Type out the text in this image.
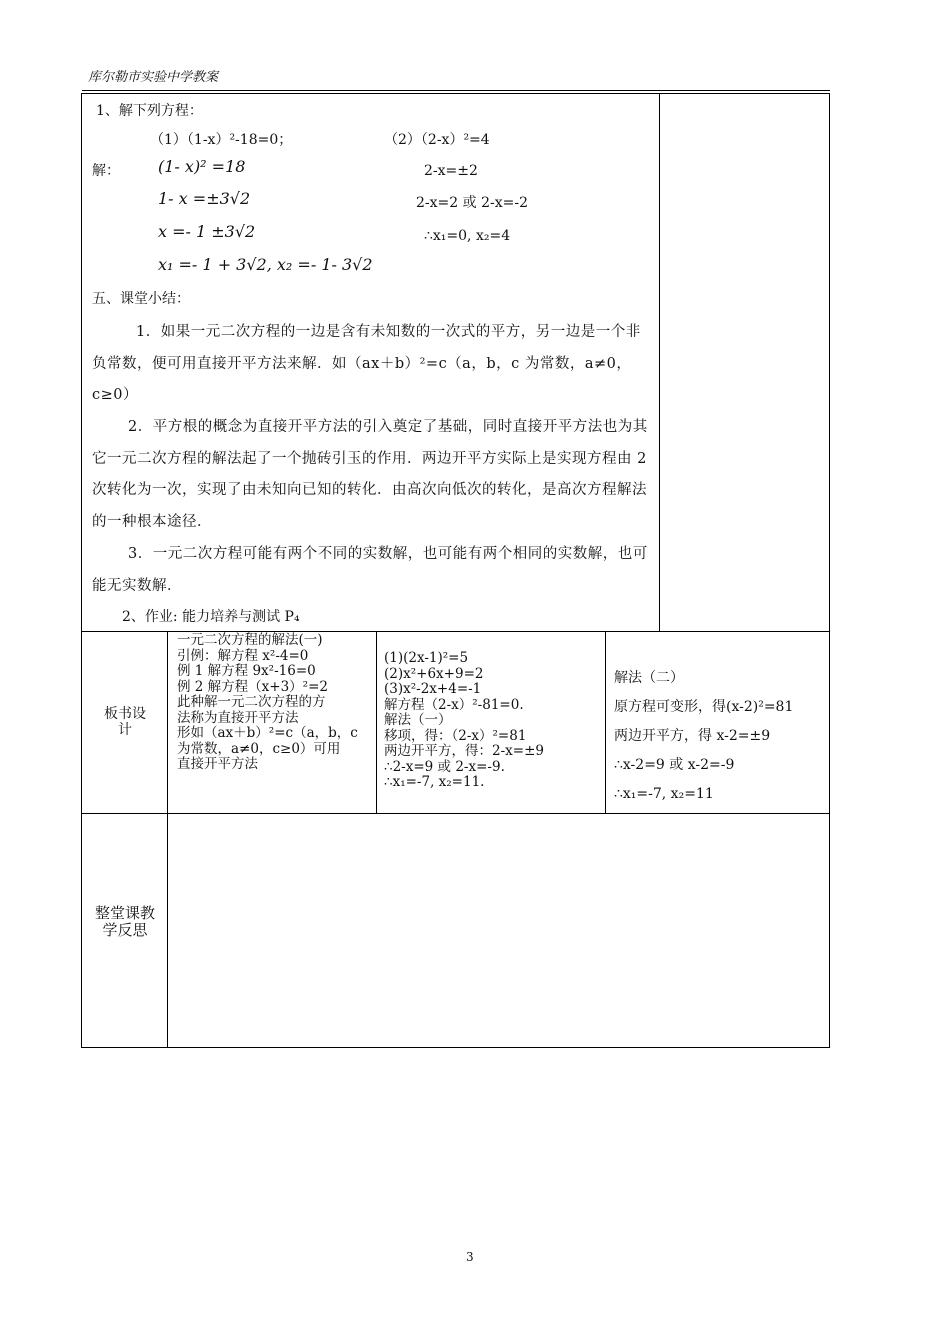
库尔勒市实验中学教案
1、解下列方程：
（1）（1-x）²-18=0；	（2）（2-x）²=4
解： (1- x)² =18
1- x =±3√2
x =- 1 ±3√2
x₁ =- 1 + 3√2, x₂ =- 1- 3√2
2-x=±2
2-x=2 或 2-x=-2
∴x₁=0, x₂=4
五、课堂小结：
1．如果一元二次方程的一边是含有未知数的一次式的平方，另一边是一个非负常数，便可用直接开平方法来解．如（ax＋b）²=c（a，b，c 为常数，a≠0，c≥0）
2．平方根的概念为直接开平方法的引入奠定了基础，同时直接开平方法也为其它一元二次方程的解法起了一个抛砖引玉的作用．两边开平方实际上是实现方程由 2 次转化为一次，实现了由未知向已知的转化．由高次向低次的转化，是高次方程解法的一种根本途径．
3．一元二次方程可能有两个不同的实数解，也可能有两个相同的实数解，也可能无实数解．
2、作业: 能力培养与测试 P₄
板书设计
一元二次方程的解法(一)
引例：解方程 x²-4=0
例 1 解方程 9x²-16=0
例 2 解方程（x+3）²=2
此种解一元二次方程的方
法称为直接开平方法
形如（ax＋b）²=c（a，b，c
为常数，a≠0，c≥0）可用
直接开平方法
(1)(2x-1)²=5
(2)x²+6x+9=2
(3)x²-2x+4=-1
解方程（2-x）²-81=0.
解法（一）
移项，得：（2-x）²=81
两边开平方，得：2-x=±9
∴2-x=9 或 2-x=-9.
∴x₁=-7, x₂=11.
解法（二）
原方程可变形，得(x-2)²=81
两边开平方，得 x-2=±9
∴x-2=9 或 x-2=-9
∴x₁=-7, x₂=11
整堂课教学反思
3
